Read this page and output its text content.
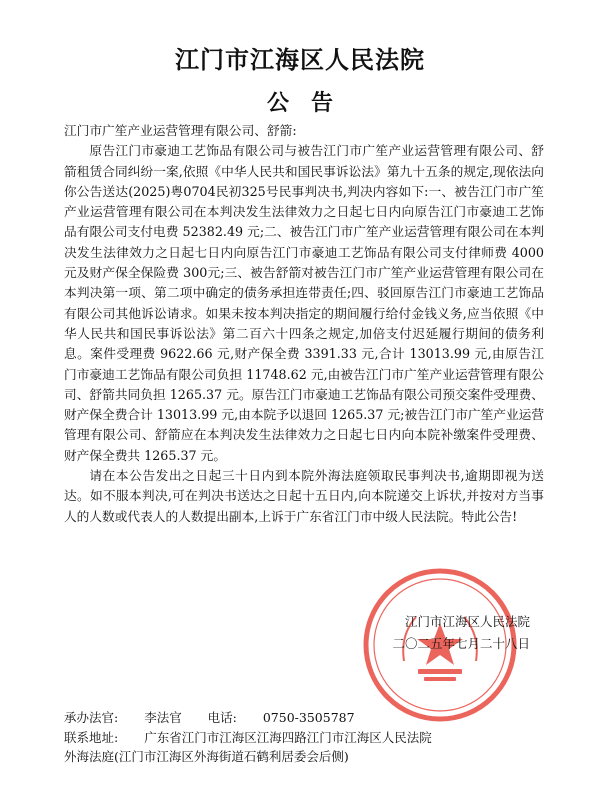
江门市江海区人民法院
公告

江门市广笙产业运营管理有限公司、舒箭:

原告江门市豪迪工艺饰品有限公司与被告江门市广笙产业运营管理有限公司、舒箭租赁合同纠纷一案,依照《中华人民共和国民事诉讼法》第九十五条的规定,现依法向你公告送达(2025)粤0704民初325号民事判决书,判决内容如下:一、被告江门市广笙产业运营管理有限公司在本判决发生法律效力之日起七日内向原告江门市豪迪工艺饰品有限公司支付电费 52382.49 元;二、被告江门市广笙产业运营管理有限公司在本判决发生法律效力之日起七日内向原告江门市豪迪工艺饰品有限公司支付律师费 4000 元及财产保全保险费 300元;三、被告舒箭对被告江门市广笙产业运营管理有限公司在本判决第一项、第二项中确定的债务承担连带责任;四、驳回原告江门市豪迪工艺饰品有限公司其他诉讼请求。如果未按本判决指定的期间履行给付金钱义务,应当依照《中华人民共和国民事诉讼法》第二百六十四条之规定,加倍支付迟延履行期间的债务利息。案件受理费 9622.66 元,财产保全费 3391.33 元,合计 13013.99 元,由原告江门市豪迪工艺饰品有限公司负担 11748.62 元,由被告江门市广笙产业运营管理有限公司、舒箭共同负担 1265.37 元。原告江门市豪迪工艺饰品有限公司预交案件受理费、财产保全费合计 13013.99 元,由本院予以退回 1265.37 元;被告江门市广笙产业运营管理有限公司、舒箭应在本判决发生法律效力之日起七日内向本院补缴案件受理费、财产保全费共 1265.37 元。

请在本公告发出之日起三十日内到本院外海法庭领取民事判决书,逾期即视为送达。如不服本判决,可在判决书送达之日起十五日内,向本院递交上诉状,并按对方当事人的人数或代表人的人数提出副本,上诉于广东省江门市中级人民法院。特此公告!

江门市江海区人民法院
二〇二五年七月二十八日
承办法官: 李法官 电话: 0750-3505787
联系地址: 广东省江门市江海区江海四路江门市江海区人民法院
外海法庭(江门市江海区外海街道石鹤利居委会后侧)
